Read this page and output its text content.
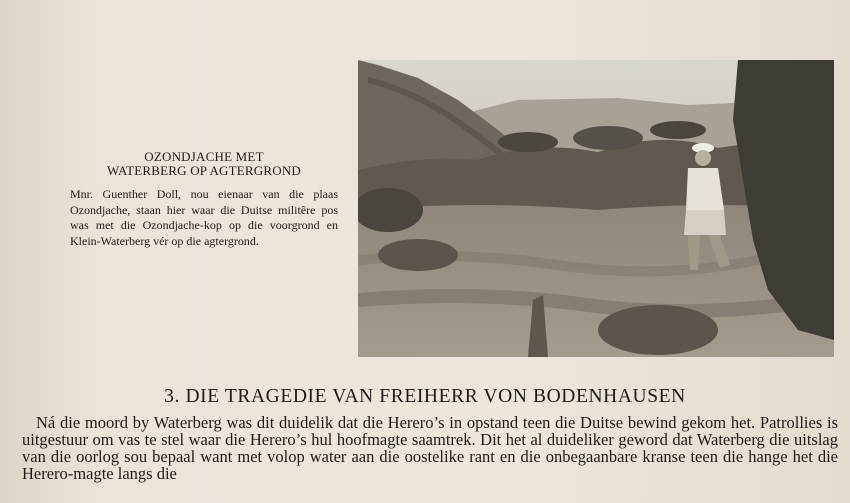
OZONDJACHE MET
WATERBERG OP AGTERGROND

Mnr. Guenther Doll, nou eienaar van die plaas Ozondjache, staan hier waar die Duitse militêre pos was met die Ozondjache-kop op die voorgrond en Klein-Waterberg vér op die agtergrond.

3. DIE TRAGEDIE VAN FREIHERR VON BODENHAUSEN

Ná die moord by Waterberg was dit duidelik dat die Herero’s in opstand teen die Duitse bewind gekom het. Patrollies is uitgestuur om vas te stel waar die Herero’s hul hoofmagte saamtrek. Dit het al duideliker geword dat Waterberg die uitslag van die oorlog sou bepaal want met volop water aan die oostelike rant en die onbegaanbare kranse teen die hange het die Herero-magte langs die
